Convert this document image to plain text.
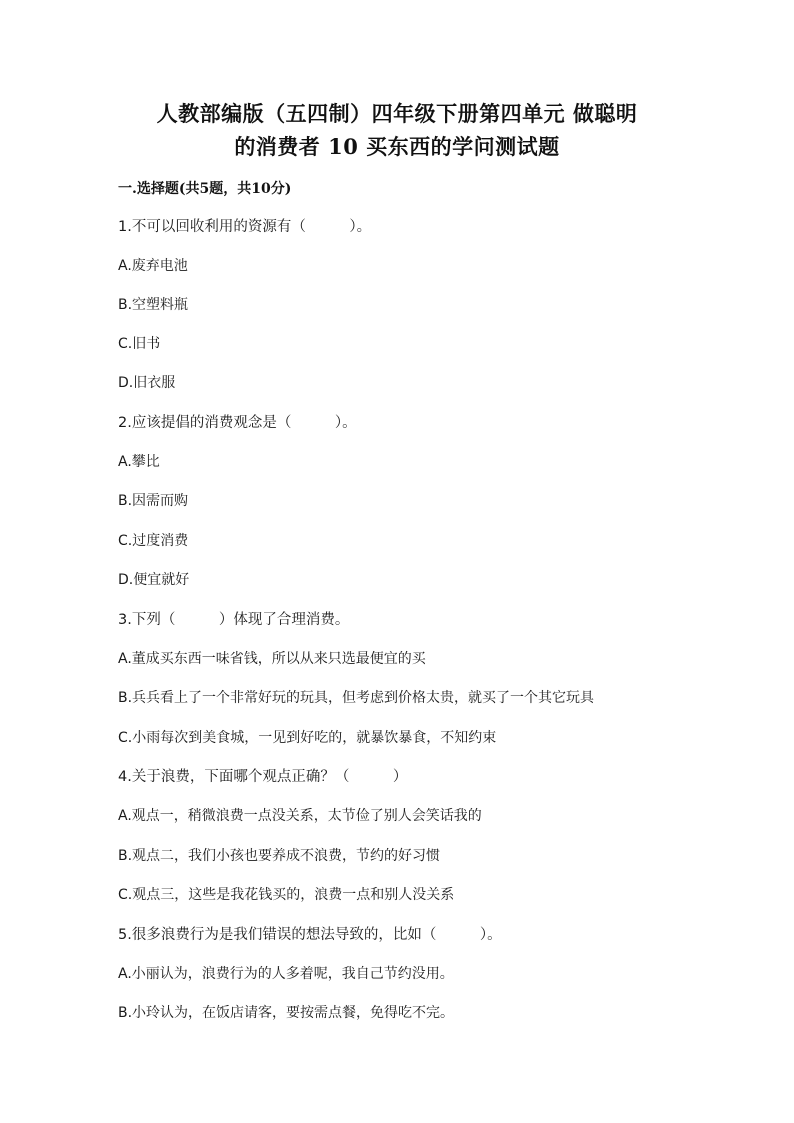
人教部编版（五四制）四年级下册第四单元 做聪明
的消费者 10 买东西的学问测试题
一.选择题(共5题，共10分)
1.不可以回收利用的资源有（　　　）。
A.废弃电池
B.空塑料瓶
C.旧书
D.旧衣服
2.应该提倡的消费观念是（　　　）。
A.攀比
B.因需而购
C.过度消费
D.便宜就好
3.下列（　　　）体现了合理消费。
A.董成买东西一味省钱，所以从来只选最便宜的买
B.兵兵看上了一个非常好玩的玩具，但考虑到价格太贵，就买了一个其它玩具
C.小雨每次到美食城，一见到好吃的，就暴饮暴食，不知约束
4.关于浪费，下面哪个观点正确？（　　　）
A.观点一，稍微浪费一点没关系，太节俭了别人会笑话我的
B.观点二，我们小孩也要养成不浪费，节约的好习惯
C.观点三，这些是我花钱买的，浪费一点和别人没关系
5.很多浪费行为是我们错误的想法导致的，比如（　　　）。
A.小丽认为，浪费行为的人多着呢，我自己节约没用。
B.小玲认为，在饭店请客，要按需点餐，免得吃不完。
